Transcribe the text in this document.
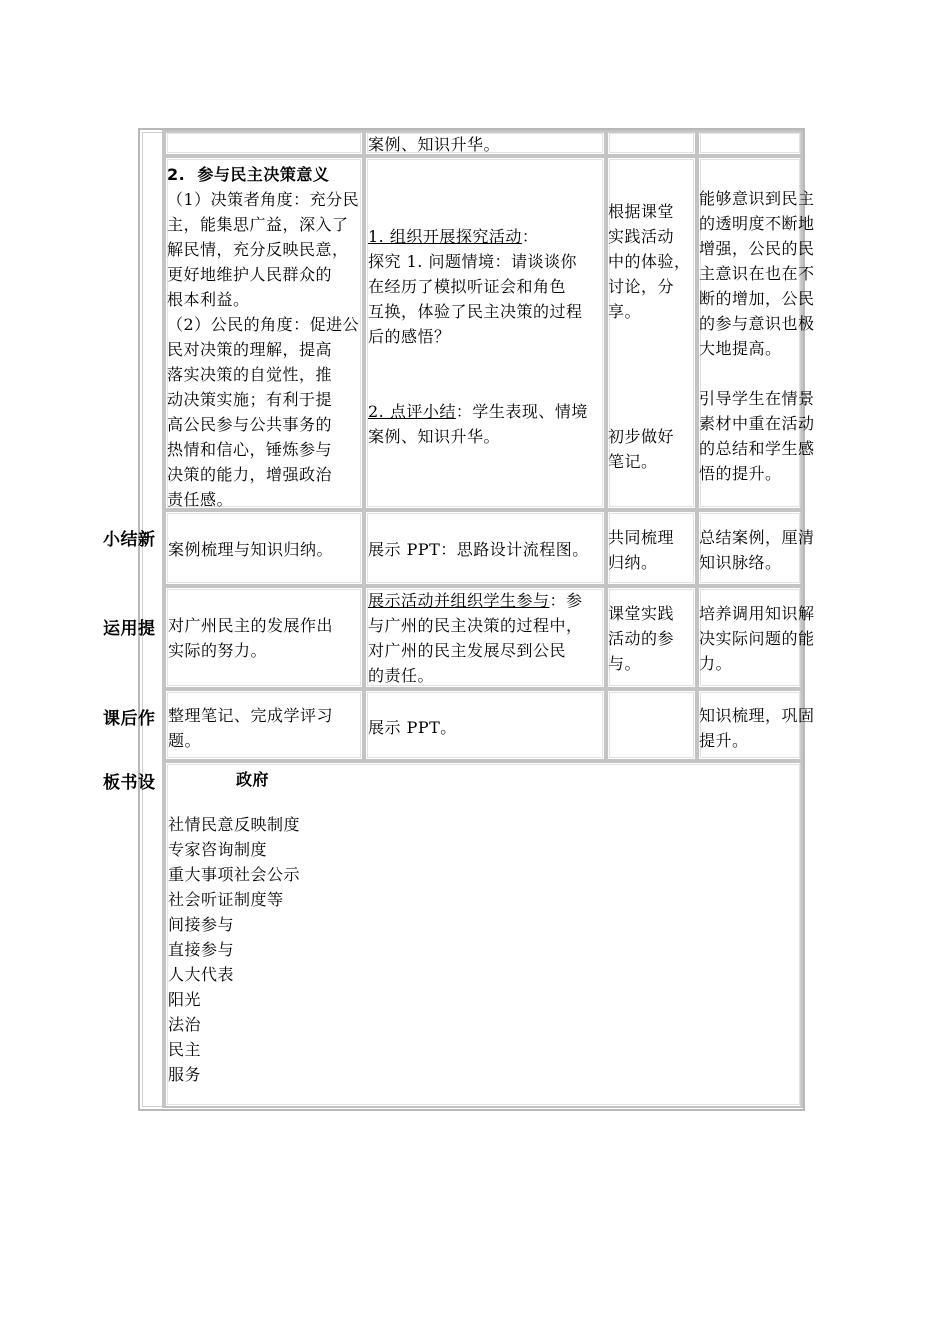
案例、知识升华。
2.  参与民主决策意义
（1）决策者角度：充分民
主，能集思广益，深入了
解民情，充分反映民意，
更好地维护人民群众的
根本利益。
（2）公民的角度：促进公
民对决策的理解，提高
落实决策的自觉性，推
动决策实施；有利于提
高公民参与公共事务的
热情和信心，锤炼参与
决策的能力，增强政治
责任感。
1. 组织开展探究活动：
探究 1. 问题情境：请谈谈你
在经历了模拟听证会和角色
互换，体验了民主决策的过程
后的感悟？
2. 点评小结：学生表现、情境
案例、知识升华。
根据课堂
实践活动
中的体验，
讨论，分
享。
初步做好
笔记。
能够意识到民主
的透明度不断地
增强，公民的民
主意识在也在不
断的增加，公民
的参与意识也极
大地提高。
引导学生在情景
素材中重在活动
的总结和学生感
悟的提升。
小结新 案例梳理与知识归纳。 展示 PPT：思路设计流程图。
共同梳理
归纳。
总结案例，厘清
知识脉络。
运用提 对广州民主的发展作出
实际的努力。
展示活动并组织学生参与：参
与广州的民主决策的过程中，
对广州的民主发展尽到公民
的责任。
课堂实践
活动的参
与。
培养调用知识解
决实际问题的能
力。
课后作 整理笔记、完成学评习
题。
展示 PPT。
知识梳理，巩固
提升。
板书设	政府
社情民意反映制度
专家咨询制度
重大事项社会公示
社会听证制度等
间接参与
直接参与
人大代表
阳光
法治
民主
服务
